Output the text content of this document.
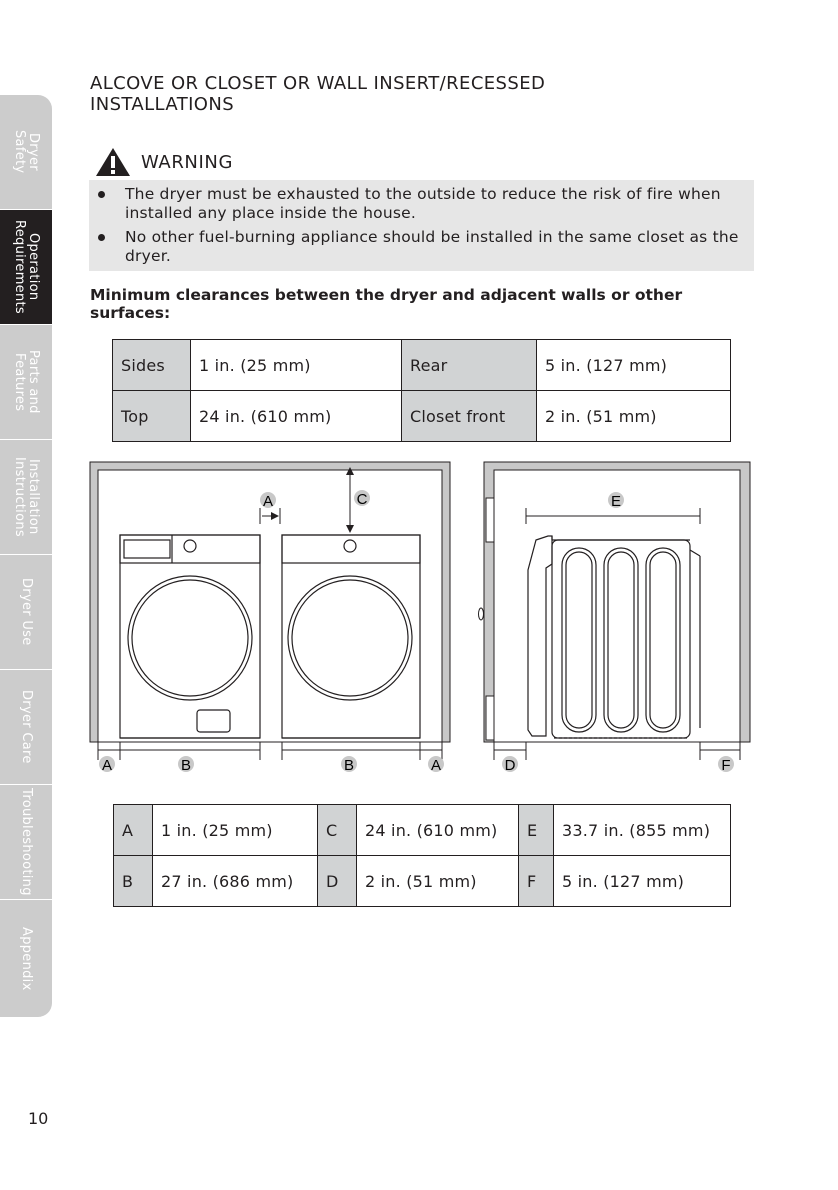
Dryer
Safety
Operation
Requirements
Parts and
Features
Installation
Instructions
Dryer Use
Dryer Care
Troubleshooting
Appendix
ALCOVE OR CLOSET OR WALL INSERT/RECESSED INSTALLATIONS
WARNING
The dryer must be exhausted to the outside to reduce the risk of fire when installed any place inside the house.
No other fuel-burning appliance should be installed in the same closet as the dryer.

Minimum clearances between the dryer and adjacent walls or other surfaces:

Sides	1 in. (25 mm)	Rear	5 in. (127 mm)
Top	24 in. (610 mm)	Closet front	2 in. (51 mm)
A	C
A	B	B	A
E
D	F
A	1 in. (25 mm)	C	24 in. (610 mm)	E	33.7 in. (855 mm)
B	27 in. (686 mm)	D	2 in. (51 mm)	F	5 in. (127 mm)
10
